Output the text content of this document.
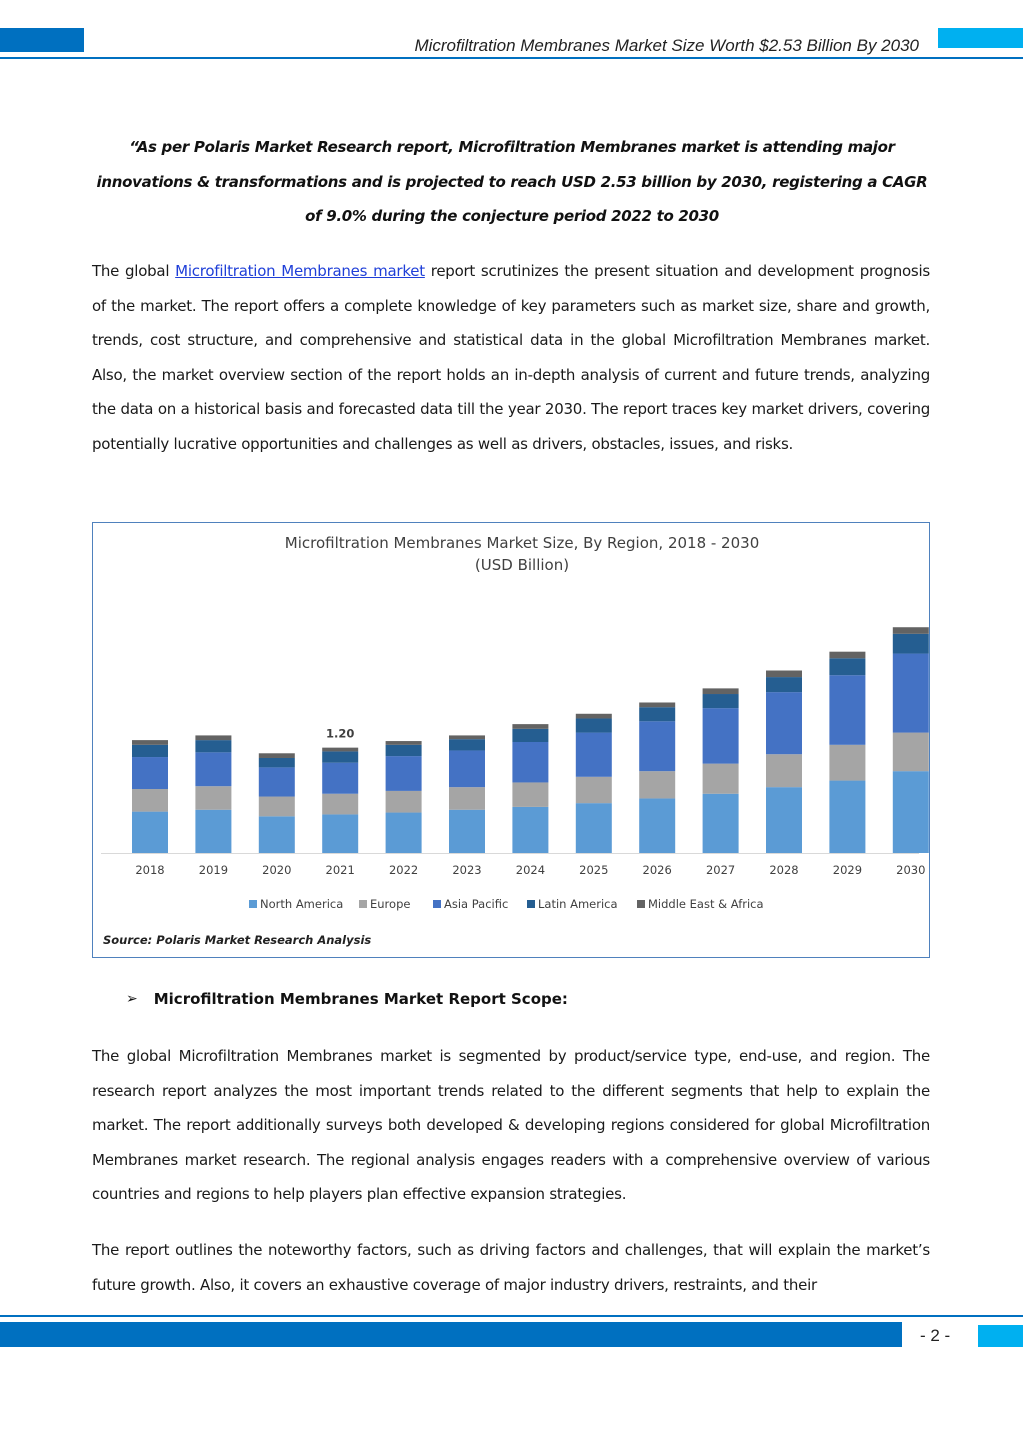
Microfiltration Membranes Market Size Worth $2.53 Billion By 2030
“As per Polaris Market Research report, Microfiltration Membranes market is attending major innovations & transformations and is projected to reach USD 2.53 billion by 2030, registering a CAGR of 9.0% during the conjecture period 2022 to 2030

The global Microfiltration Membranes market report scrutinizes the present situation and development prognosis of the market. The report offers a complete knowledge of key parameters such as market size, share and growth, trends, cost structure, and comprehensive and statistical data in the global Microfiltration Membranes market. Also, the market overview section of the report holds an in-depth analysis of current and future trends, analyzing the data on a historical basis and forecasted data till the year 2030. The report traces key market drivers, covering potentially lucrative opportunities and challenges as well as drivers, obstacles, issues, and risks.

Microfiltration Membranes Market Size, By Region, 2018 - 2030
(USD Billion)
2018	2019	2020	2021
1.20
2022	2023	2024	2025	2026	2027	2028	2029	2030
North America Europe	Asia Pacific	Latin America	Middle East & Africa
Source: Polaris Market Research Analysis
➢ Microfiltration Membranes Market Report Scope:

The global Microfiltration Membranes market is segmented by product/service type, end-use, and region. The research report analyzes the most important trends related to the different segments that help to explain the market. The report additionally surveys both developed & developing regions considered for global Microfiltration Membranes market research. The regional analysis engages readers with a comprehensive overview of various countries and regions to help players plan effective expansion strategies.

The report outlines the noteworthy factors, such as driving factors and challenges, that will explain the market’s future growth. Also, it covers an exhaustive coverage of major industry drivers, restraints, and their

- 2 -
